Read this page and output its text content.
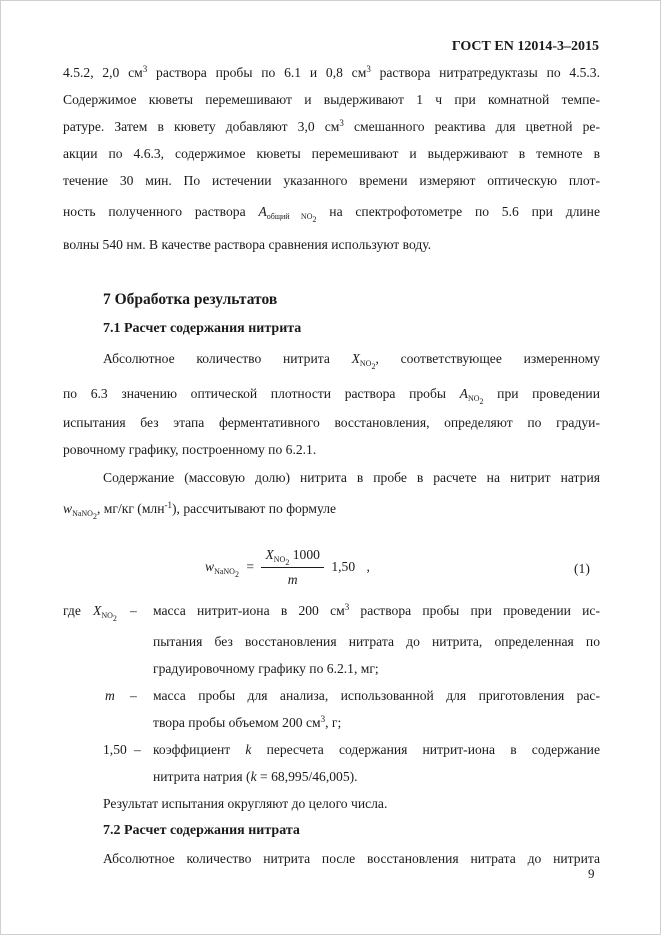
ГОСТ EN 12014-3–2015
4.5.2, 2,0 $см^3$ раствора пробы по 6.1 и 0,8 $см^3$ раствора нитратредуктазы по 4.5.3.
Содержимое кюветы перемешивают и выдерживают 1 ч при комнатной темпе-
ратуре. Затем в кювету добавляют 3,0 $см^3$ смешанного реактива для цветной ре-
акции по 4.6.3, содержимое кюветы перемешивают и выдерживают в темноте в
течение 30 мин. По истечении указанного времени измеряют оптическую плот-
ность полученного раствора $A_{общий NO_2}$ на спектрофотометре по 5.6 при длине
волны 540 нм. В качестве раствора сравнения используют воду.
7 Обработка результатов
7.1 Расчет содержания нитрита
Абсолютное количество нитрита $X_{NO_2}$, соответствующее измеренному
по 6.3 значению оптической плотности раствора пробы $A_{NO_2}$ при проведении
испытания без этапа ферментативного восстановления, определяют по градуи-
ровочному графику, построенному по 6.2.1.
Содержание (массовую долю) нитрита в пробе в расчете на нитрит натрия
$w_{NaNO_2}$, мг/кг (млн$^{-1}$), рассчитывают по формуле
$w_{NaNO_2} = \frac{X_{NO_2} 1000}{m} 1,50$ ,	(1)
где $X_{NO_2}$
– масса нитрит-иона в 200 $см^3$ раствора пробы при проведении ис-
пытания без восстановления нитрата до нитрита, определенная по
градуировочному графику по 6.2.1, мг;
m – масса пробы для анализа, использованной для приготовления рас-
твора пробы объемом 200 $см^3$, г;
1,50 – коэффициент k пересчета содержания нитрит-иона в содержание
нитрита натрия (k = 68,995/46,005).
Результат испытания округляют до целого числа.
7.2 Расчет содержания нитрата
Абсолютное количество нитрита после восстановления нитрата до нитрита
9
